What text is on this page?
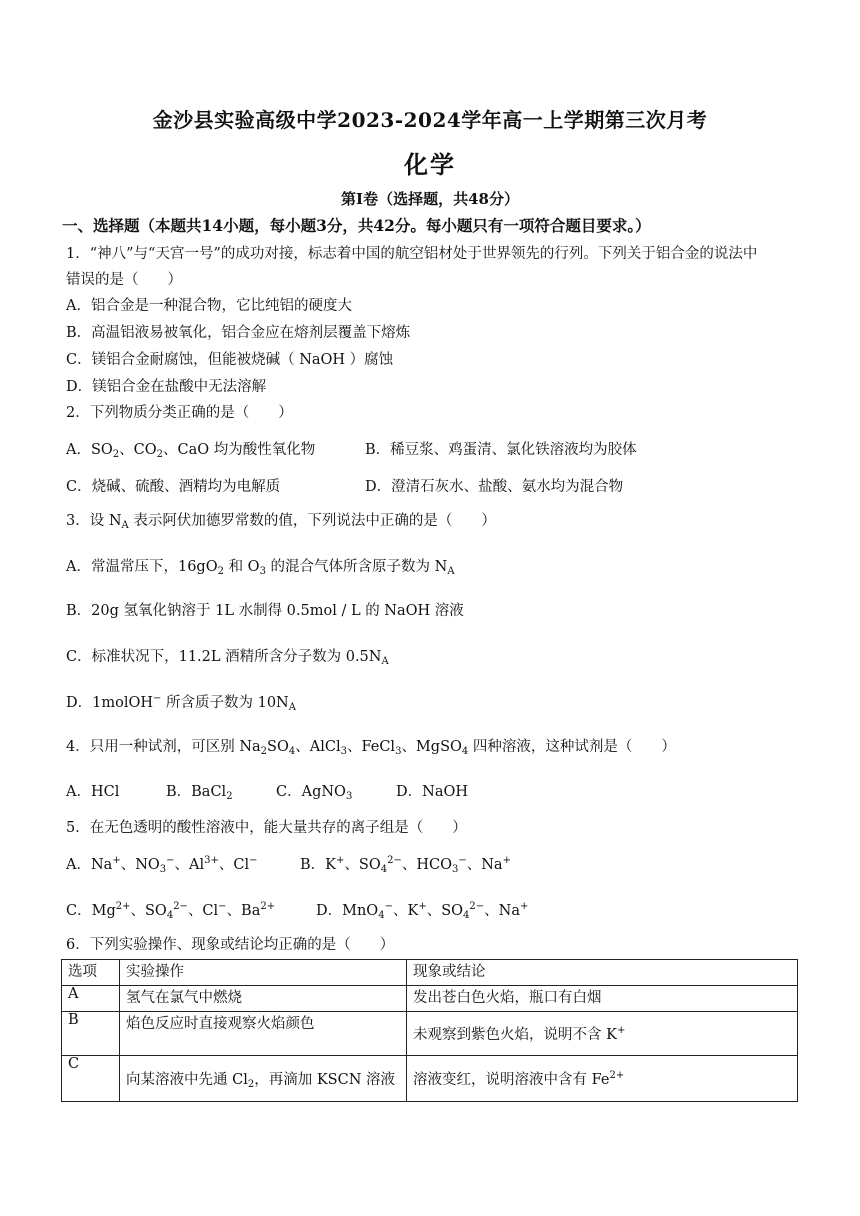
金沙县实验高级中学2023-2024学年高一上学期第三次月考
化学
第Ⅰ卷（选择题，共48分）
一、选择题（本题共14小题，每小题3分，共42分。每小题只有一项符合题目要求。）
1．“神八”与“天宫一号”的成功对接，标志着中国的航空铝材处于世界领先的行列。下列关于铝合金的说法中
错误的是（　　）
A．铝合金是一种混合物，它比纯铝的硬度大
B．高温铝液易被氧化，铝合金应在熔剂层覆盖下熔炼
C．镁铝合金耐腐蚀，但能被烧碱（ NaOH ）腐蚀
D．镁铝合金在盐酸中无法溶解
2．下列物质分类正确的是（　　）
A．$SO_2$、$CO_2$、CaO 均为酸性氧化物	B．稀豆浆、鸡蛋清、氯化铁溶液均为胶体
C．烧碱、硫酸、酒精均为电解质	D．澄清石灰水、盐酸、氨水均为混合物
3．设 $N_A$ 表示阿伏加德罗常数的值，下列说法中正确的是（　　）
A．常温常压下，$16gO_2$ 和 $O_3$ 的混合气体所含原子数为 $N_A$
B．20g 氢氧化钠溶于 1L 水制得 0.5mol / L 的 NaOH 溶液
C．标准状况下，11.2L 酒精所含分子数为 $0.5N_A$
D．1molOH− 所含质子数为 $10N_A$
4．只用一种试剂，可区别 $Na_2SO_4$、AlCl$_3$、FeCl$_3$、MgSO$_4$ 四种溶液，这种试剂是（　　）
A．HCl	B．BaCl$_2$	C．AgNO$_3$	D．NaOH
5．在无色透明的酸性溶液中，能大量共存的离子组是（　　）
A．Na+、$NO_3^-$、$Al^{3+}$、Cl−	B．K+、$SO_4^{2-}$、$HCO_3^-$、Na+
C．$Mg^{2+}$、$SO_4^{2-}$、Cl−、$Ba^{2+}$	D．MnO$_4$−、K+、$SO_4^{2-}$、Na+
6．下列实验操作、现象或结论均正确的是（　　）
选项	实验操作	现象或结论
A	氢气在氯气中燃烧	发出苍白色火焰，瓶口有白烟
B	焰色反应时直接观察火焰颜色	未观察到紫色火焰，说明不含 K+
C	向某溶液中先通 $Cl_2$，再滴加 KSCN 溶液	溶液变红，说明溶液中含有 $Fe^{2+}$
